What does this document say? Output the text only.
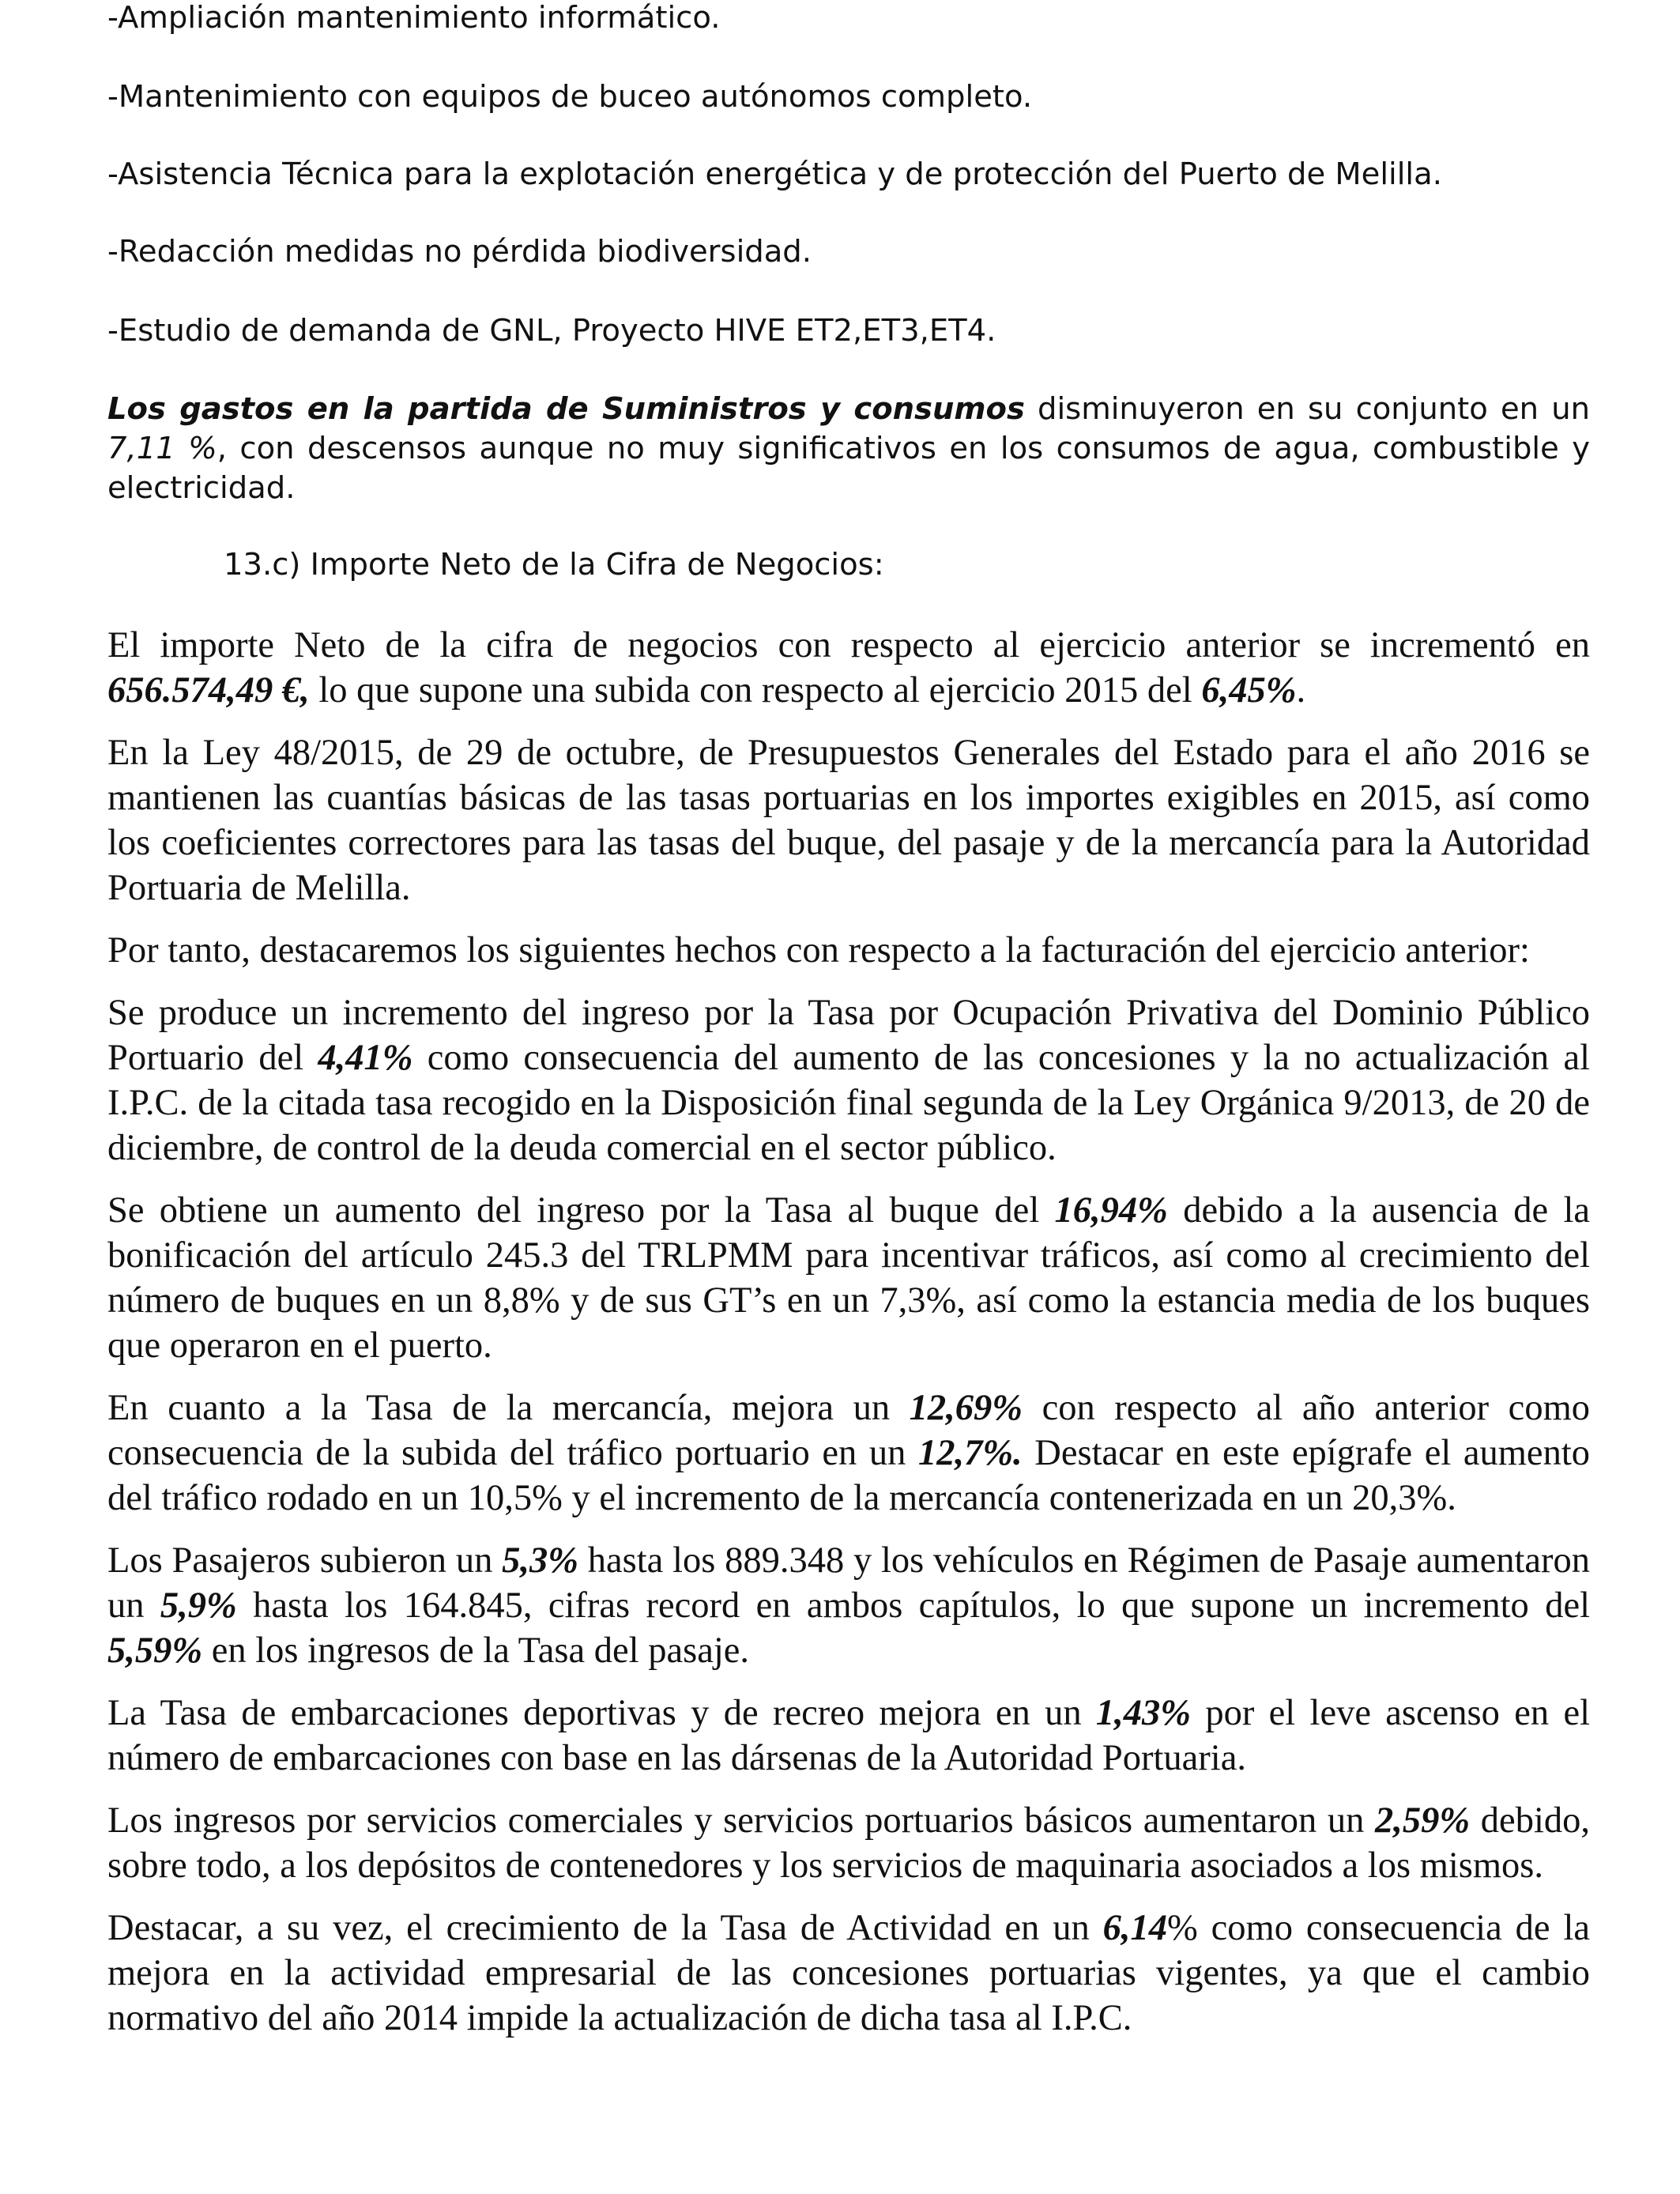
-Ampliación mantenimiento informático.

-Mantenimiento con equipos de buceo autónomos completo.

-Asistencia Técnica para la explotación energética y de protección del Puerto de Melilla.

-Redacción medidas no pérdida biodiversidad.

-Estudio de demanda de GNL, Proyecto HIVE ET2,ET3,ET4.

Los gastos en la partida de Suministros y consumos disminuyeron en su conjunto en un 7,11 %, con descensos aunque no muy significativos en los consumos de agua, combustible y electricidad.

13.c) Importe Neto de la Cifra de Negocios:

El importe Neto de la cifra de negocios con respecto al ejercicio anterior se incrementó en 656.574,49 €, lo que supone una subida con respecto al ejercicio 2015 del 6,45%.

En la Ley 48/2015, de 29 de octubre, de Presupuestos Generales del Estado para el año 2016 se mantienen las cuantías básicas de las tasas portuarias en los importes exigibles en 2015, así como los coeficientes correctores para las tasas del buque, del pasaje y de la mercancía para la Autoridad Portuaria de Melilla.

Por tanto, destacaremos los siguientes hechos con respecto a la facturación del ejercicio anterior:

Se produce un incremento del ingreso por la Tasa por Ocupación Privativa del Dominio Público Portuario del 4,41% como consecuencia del aumento de las concesiones y la no actualización al I.P.C. de la citada tasa recogido en la Disposición final segunda de la Ley Orgánica 9/2013, de 20 de diciembre, de control de la deuda comercial en el sector público.

Se obtiene un aumento del ingreso por la Tasa al buque del 16,94% debido a la ausencia de la bonificación del artículo 245.3 del TRLPMM para incentivar tráficos, así como al crecimiento del número de buques en un 8,8% y de sus GT’s en un 7,3%, así como la estancia media de los buques que operaron en el puerto.

En cuanto a la Tasa de la mercancía, mejora un 12,69% con respecto al año anterior como consecuencia de la subida del tráfico portuario en un 12,7%. Destacar en este epígrafe el aumento del tráfico rodado en un 10,5% y el incremento de la mercancía contenerizada en un 20,3%.

Los Pasajeros subieron un 5,3% hasta los 889.348 y los vehículos en Régimen de Pasaje aumentaron un 5,9% hasta los 164.845, cifras record en ambos capítulos, lo que supone un incremento del 5,59% en los ingresos de la Tasa del pasaje.

La Tasa de embarcaciones deportivas y de recreo mejora en un 1,43% por el leve ascenso en el número de embarcaciones con base en las dársenas de la Autoridad Portuaria.

Los ingresos por servicios comerciales y servicios portuarios básicos aumentaron un 2,59% debido, sobre todo, a los depósitos de contenedores y los servicios de maquinaria asociados a los mismos.

Destacar, a su vez, el crecimiento de la Tasa de Actividad en un 6,14% como consecuencia de la mejora en la actividad empresarial de las concesiones portuarias vigentes, ya que el cambio normativo del año 2014 impide la actualización de dicha tasa al I.P.C.
